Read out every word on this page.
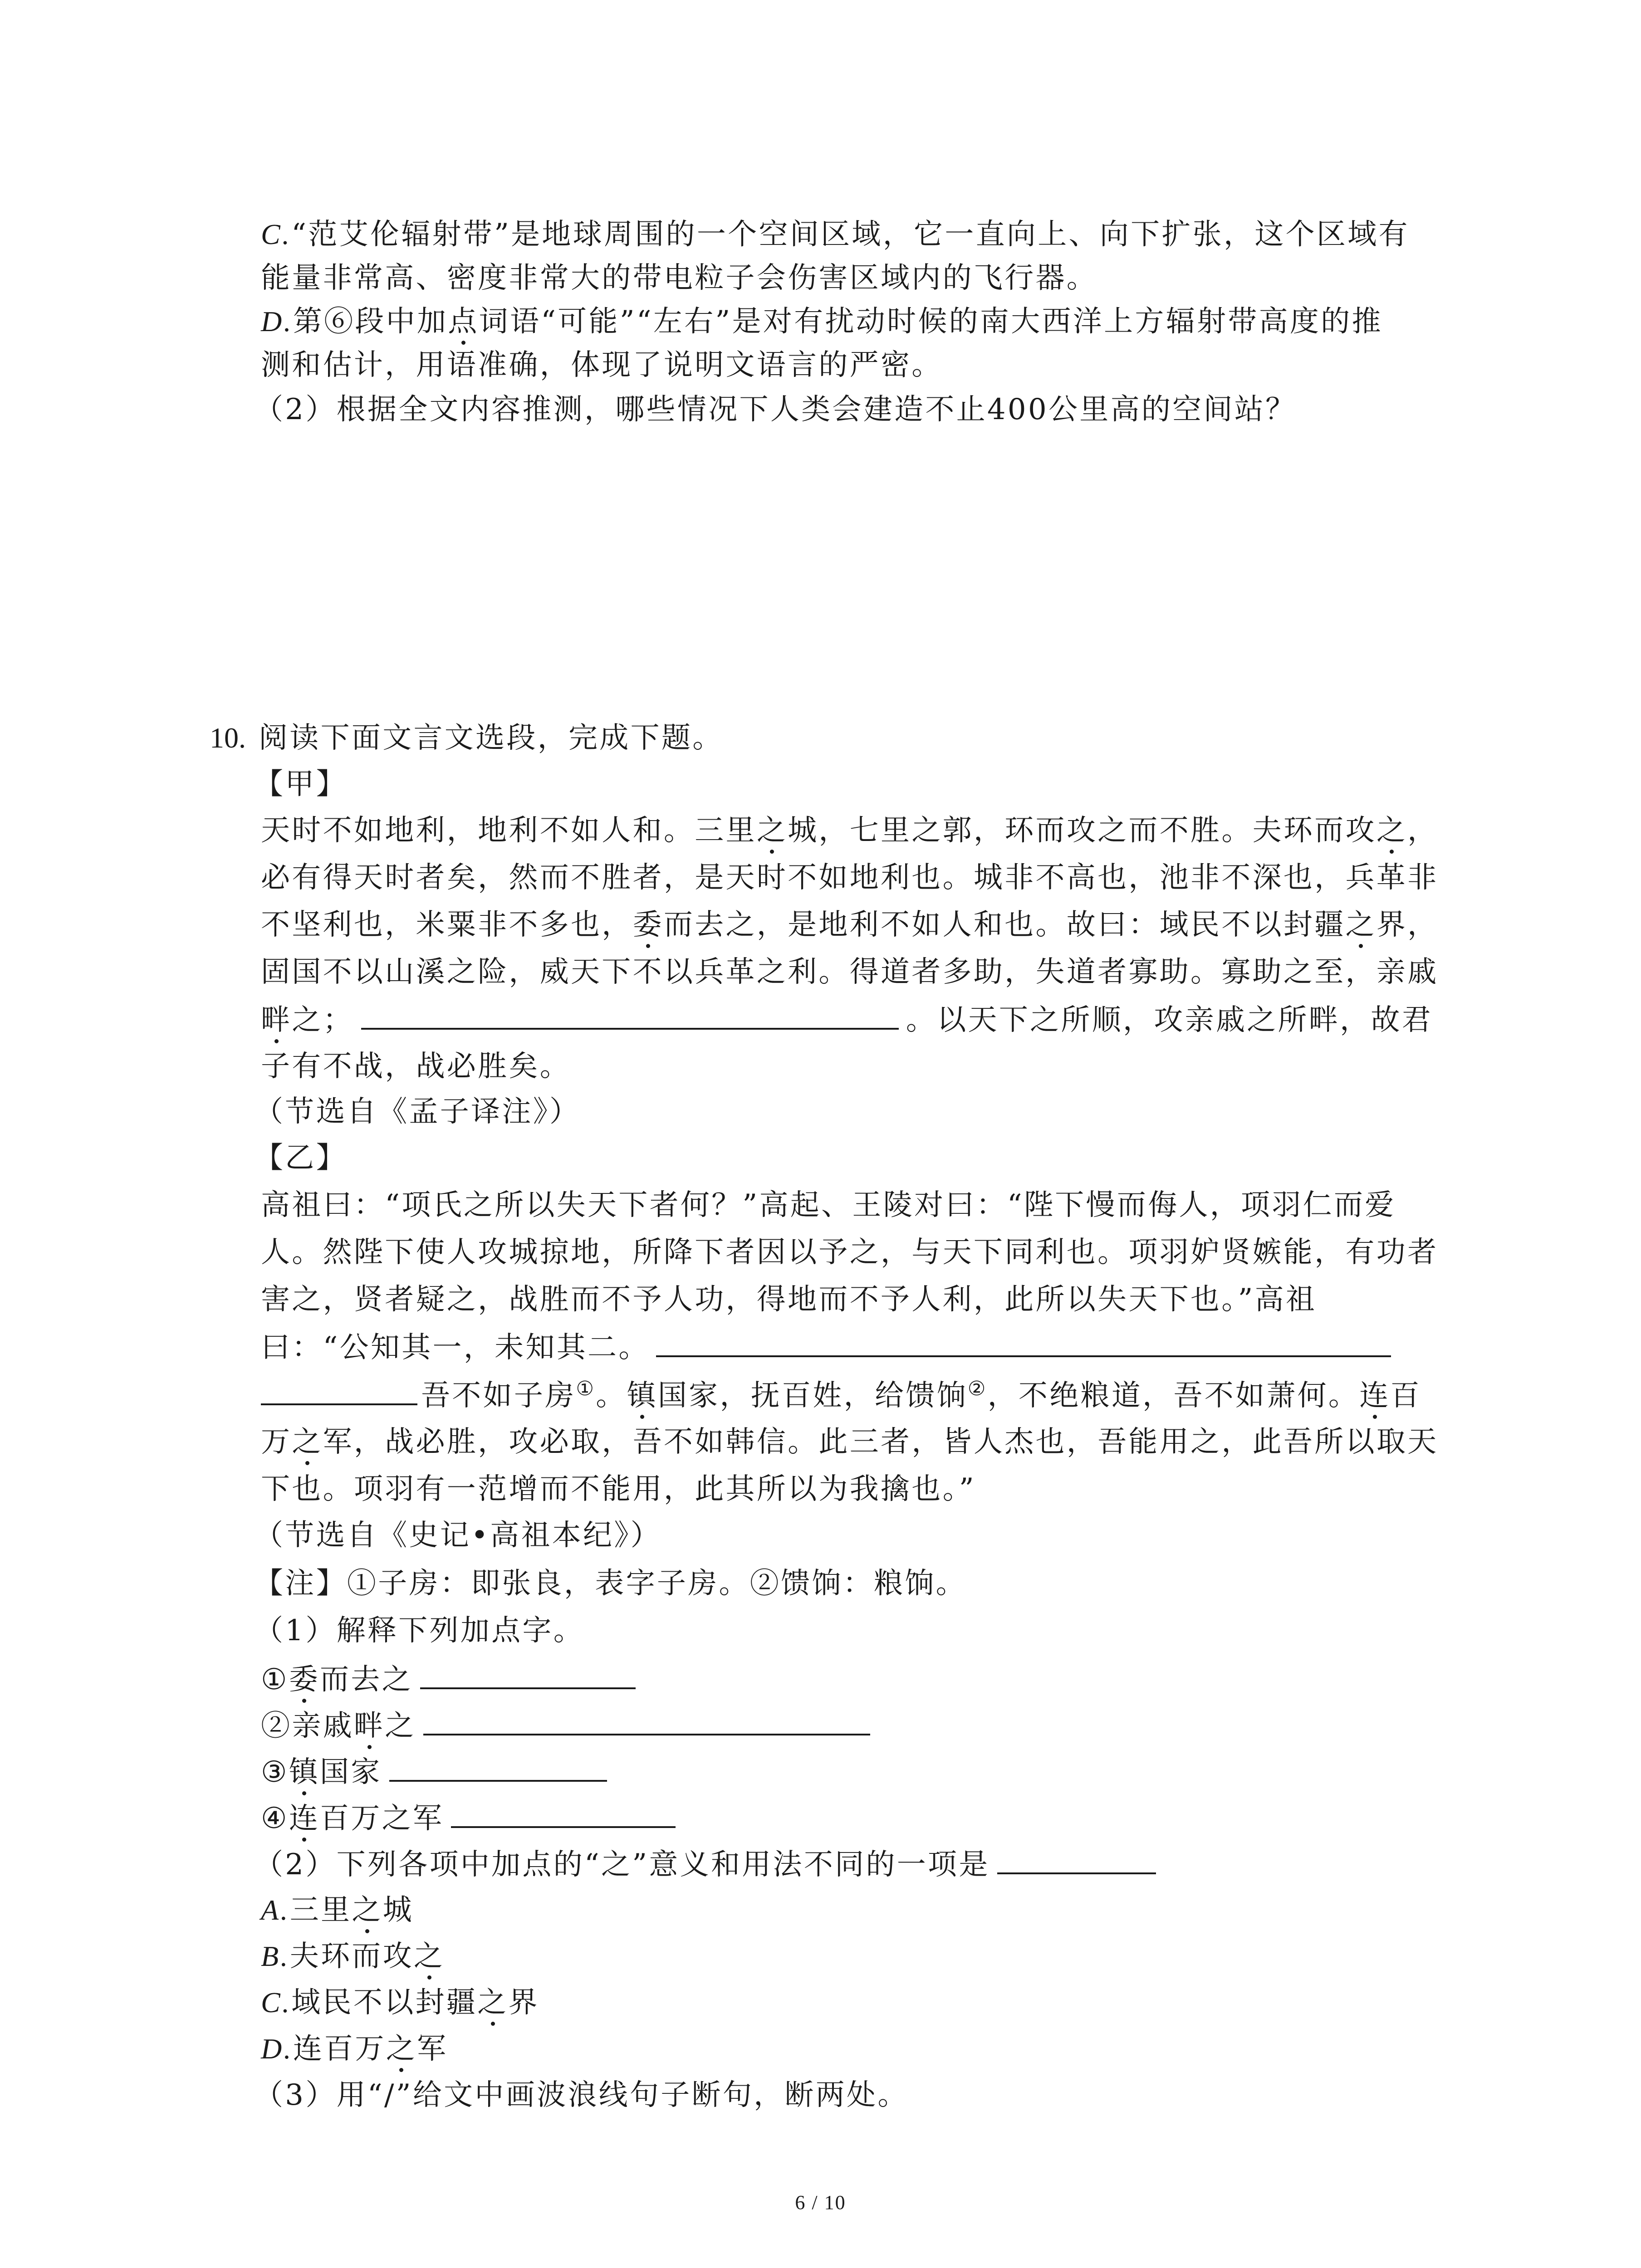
C.“范艾伦辐射带”是地球周围的一个空间区域，它一直向上、向下扩张，这个区域有
能量非常高、密度非常大的带电粒子会伤害区域内的飞行器。
D.第⑥段中加点词语“可能”“左右”是对有扰动时候的南大西洋上方辐射带高度的推
测和估计，用语准确，体现了说明文语言的严密。
（2）根据全文内容推测，哪些情况下人类会建造不止400公里高的空间站？
10. 阅读下面文言文选段，完成下题。
【甲】
天时不如地利，地利不如人和。三里之城，七里之郭，环而攻之而不胜。夫环而攻之，
必有得天时者矣，然而不胜者，是天时不如地利也。城非不高也，池非不深也，兵革非
不坚利也，米粟非不多也，委而去之，是地利不如人和也。故曰：域民不以封疆之界，
固国不以山溪之险，威天下不以兵革之利。得道者多助，失道者寡助。寡助之至，亲戚
畔之；	。以天下之所顺，攻亲戚之所畔，故君
子有不战，战必胜矣。
（节选自《孟子译注》）
【乙】
高祖曰：“项氏之所以失天下者何？”高起、王陵对曰：“陛下慢而侮人，项羽仁而爱
人。然陛下使人攻城掠地，所降下者因以予之，与天下同利也。项羽妒贤嫉能，有功者
害之，贤者疑之，战胜而不予人功，得地而不予人利，此所以失天下也。”高祖
曰：“公知其一，未知其二。
吾不如子房①。镇国家，抚百姓，给馈饷②，不绝粮道，吾不如萧何。连百
万之军，战必胜，攻必取，吾不如韩信。此三者，皆人杰也，吾能用之，此吾所以取天
下也。项羽有一范增而不能用，此其所以为我擒也。”
（节选自《史记•高祖本纪》）
【注】①子房：即张良，表字子房。②馈饷：粮饷。
（1）解释下列加点字。
①委而去之
②亲戚畔之
③镇国家
④连百万之军
（2）下列各项中加点的“之”意义和用法不同的一项是
A.三里之城
B.夫环而攻之
C.域民不以封疆之界
D.连百万之军
（3）用“/”给文中画波浪线句子断句，断两处。
6 / 10
